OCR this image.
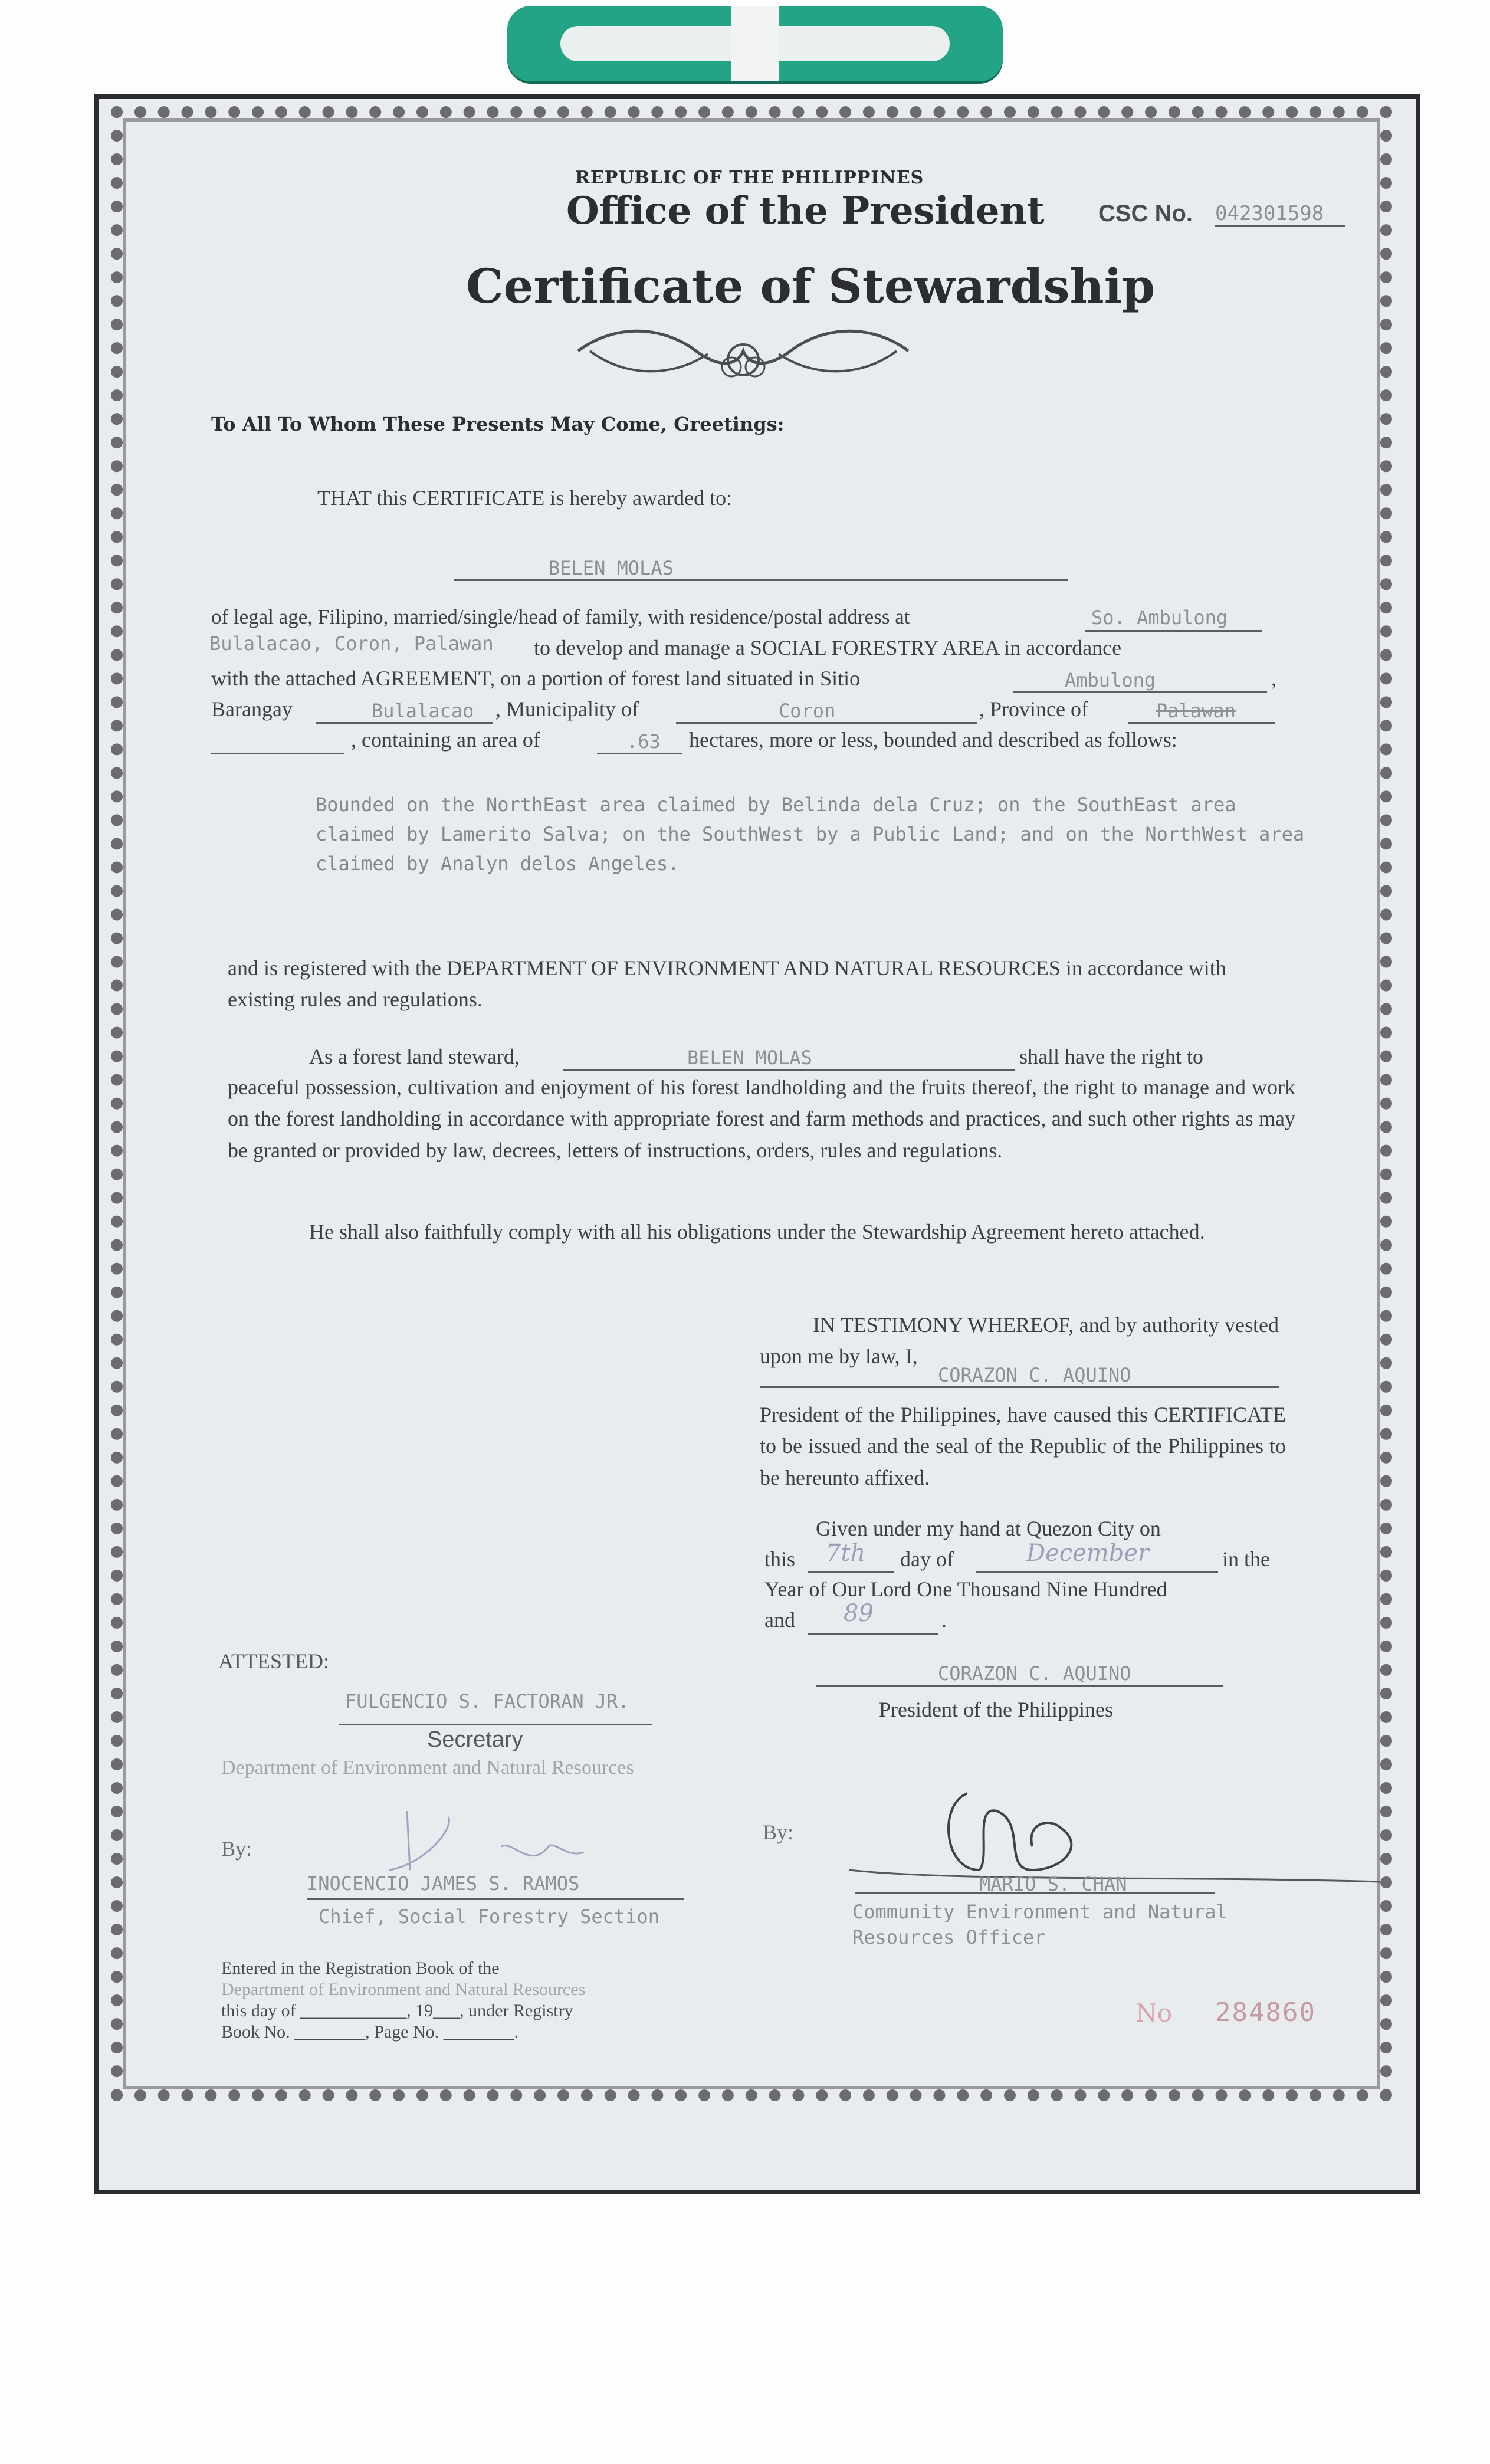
REPUBLIC OF THE PHILIPPINES
Office of the President CSC No. 042301598
Certificate of Stewardship
To All To Whom These Presents May Come, Greetings:
THAT this CERTIFICATE is hereby awarded to:
BELEN MOLAS
of legal age, Filipino, married/single/head of family, with residence/postal address at	So. Ambulong
Bulalacao, Coron, Palawan to develop and manage a SOCIAL FORESTRY AREA in accordance
with the attached AGREEMENT, on a portion of forest land situated in Sitio	Ambulong	,
Barangay	Bulalacao , Municipality of	Coron	, Province of	Palawan
, containing an area of	.63 hectares, more or less, bounded and described as follows:
Bounded on the NorthEast area claimed by Belinda dela Cruz; on the SouthEast area claimed by Lamerito Salva; on the SouthWest by a Public Land; and on the NorthWest area claimed by Analyn delos Angeles.
and is registered with the DEPARTMENT OF ENVIRONMENT AND NATURAL RESOURCES in accordance with existing rules and regulations.
As a forest land steward,	BELEN MOLAS	shall have the right to
peaceful possession, cultivation and enjoyment of his forest landholding and the fruits thereof, the right to manage and work on the forest landholding in accordance with appropriate forest and farm methods and practices, and such other rights as may be granted or provided by law, decrees, letters of instructions, orders, rules and regulations.
He shall also faithfully comply with all his obligations under the Stewardship Agreement hereto attached.
IN TESTIMONY WHEREOF, and by authority vested upon me by law, I,
CORAZON C. AQUINO
President of the Philippines, have caused this CERTIFICATE to be issued and the seal of the Republic of the Philippines to be hereunto affixed.
Given under my hand at Quezon City on
this 7th day of	December	in the
Year of Our Lord One Thousand Nine Hundred
and 89	.
CORAZON C. AQUINO
President of the Philippines
ATTESTED:
FULGENCIO S. FACTORAN JR.
Secretary
Department of Environment and Natural Resources
By:
INOCENCIO JAMES S. RAMOS
Chief, Social Forestry Section
By:
MARIO S. CHAN
Community Environment and Natural Resources Officer
Entered in the Registration Book of the
Department of Environment and Natural Resources
this day of ____________, 19___, under Registry
Book No. ________, Page No. ________.
No 284860
